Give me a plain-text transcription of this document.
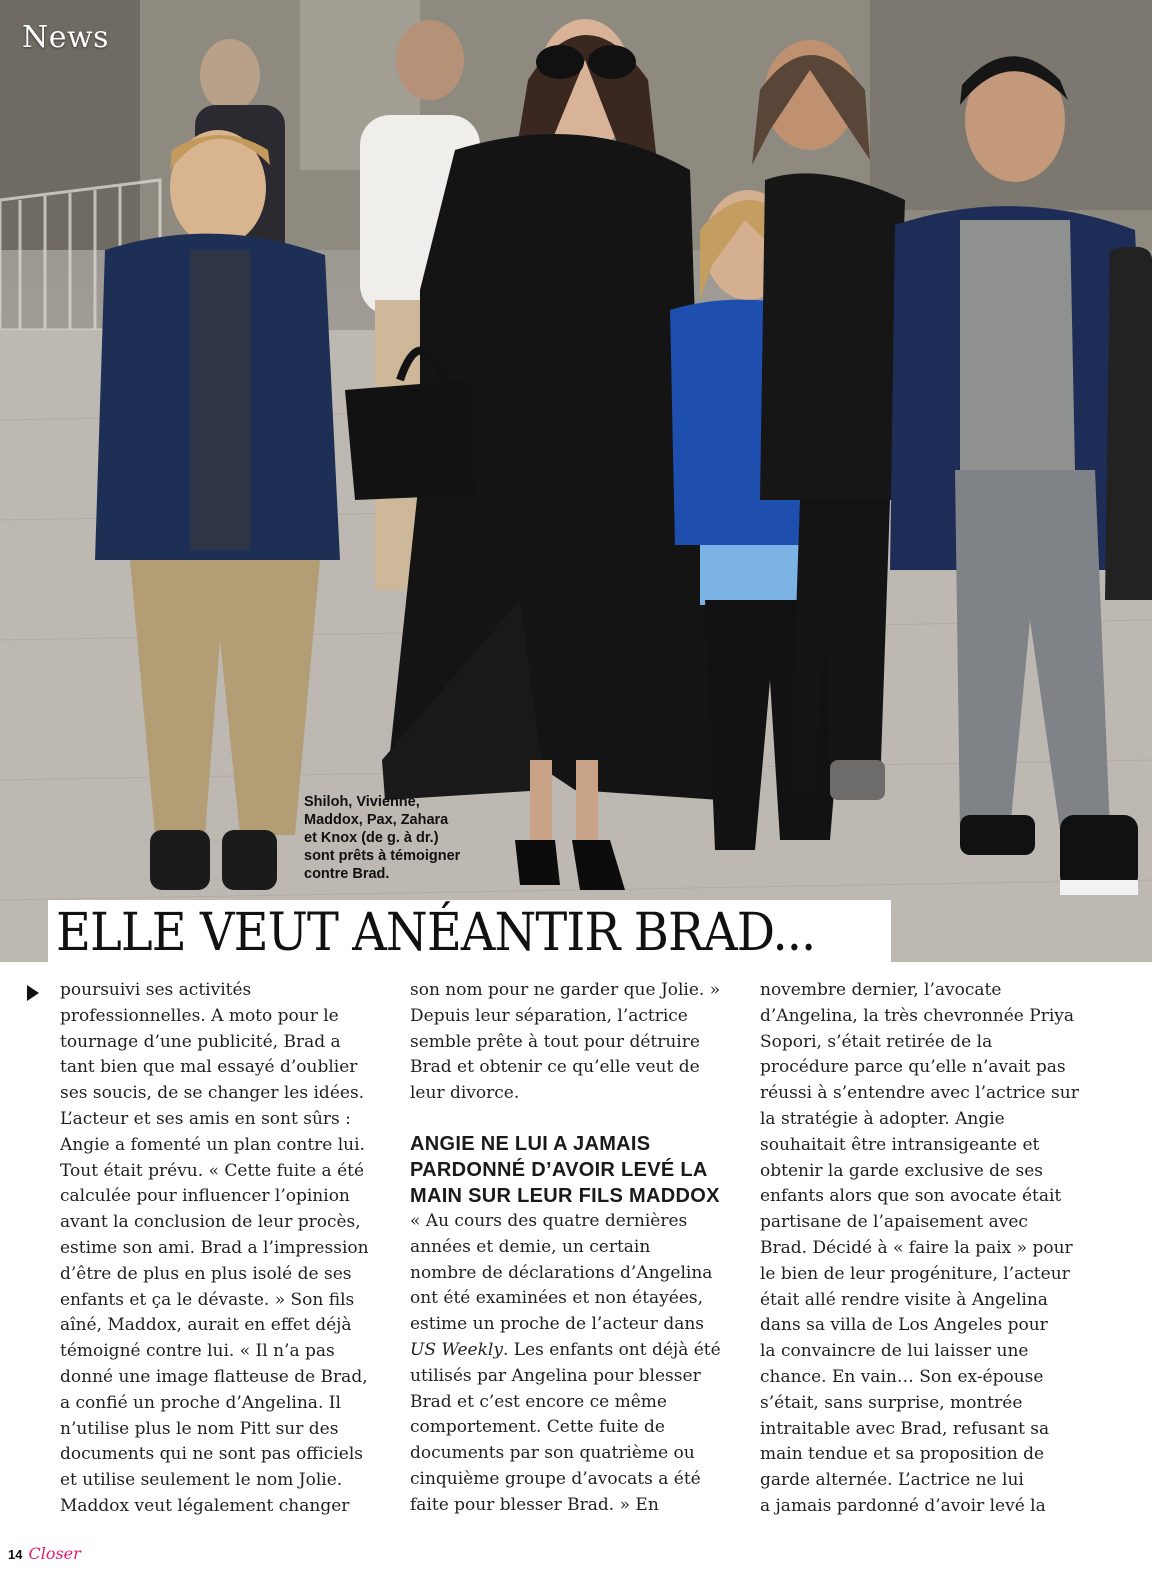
News
Shiloh, Vivienne,
Maddox, Pax, Zahara
et Knox (de g. à dr.)
sont prêts à témoigner
contre Brad.
ELLE VEUT ANÉANTIR BRAD...
poursuivi ses activités
professionnelles. A moto pour le
tournage d’une publicité, Brad a
tant bien que mal essayé d’oublier
ses soucis, de se changer les idées.
L’acteur et ses amis en sont sûrs :
Angie a fomenté un plan contre lui.
Tout était prévu. « Cette fuite a été
calculée pour influencer l’opinion
avant la conclusion de leur procès,
estime son ami. Brad a l’impression
d’être de plus en plus isolé de ses
enfants et ça le dévaste. » Son fils
aîné, Maddox, aurait en effet déjà
témoigné contre lui. « Il n’a pas
donné une image flatteuse de Brad,
a confié un proche d’Angelina. Il
n’utilise plus le nom Pitt sur des
documents qui ne sont pas officiels
et utilise seulement le nom Jolie.
Maddox veut légalement changer
son nom pour ne garder que Jolie. »
Depuis leur séparation, l’actrice
semble prête à tout pour détruire
Brad et obtenir ce qu’elle veut de
leur divorce.
ANGIE NE LUI A JAMAIS
PARDONNÉ D’AVOIR LEVÉ LA
MAIN SUR LEUR FILS MADDOX
« Au cours des quatre dernières
années et demie, un certain
nombre de déclarations d’Angelina
ont été examinées et non étayées,
estime un proche de l’acteur dans
US Weekly. Les enfants ont déjà été
utilisés par Angelina pour blesser
Brad et c’est encore ce même
comportement. Cette fuite de
documents par son quatrième ou
cinquième groupe d’avocats a été
faite pour blesser Brad. » En
novembre dernier, l’avocate
d’Angelina, la très chevronnée Priya
Sopori, s’était retirée de la
procédure parce qu’elle n’avait pas
réussi à s’entendre avec l’actrice sur
la stratégie à adopter. Angie
souhaitait être intransigeante et
obtenir la garde exclusive de ses
enfants alors que son avocate était
partisane de l’apaisement avec
Brad. Décidé à « faire la paix » pour
le bien de leur progéniture, l’acteur
était allé rendre visite à Angelina
dans sa villa de Los Angeles pour
la convaincre de lui laisser une
chance. En vain… Son ex-épouse
s’était, sans surprise, montrée
intraitable avec Brad, refusant sa
main tendue et sa proposition de
garde alternée. L’actrice ne lui
a jamais pardonné d’avoir levé la
14 Closer
